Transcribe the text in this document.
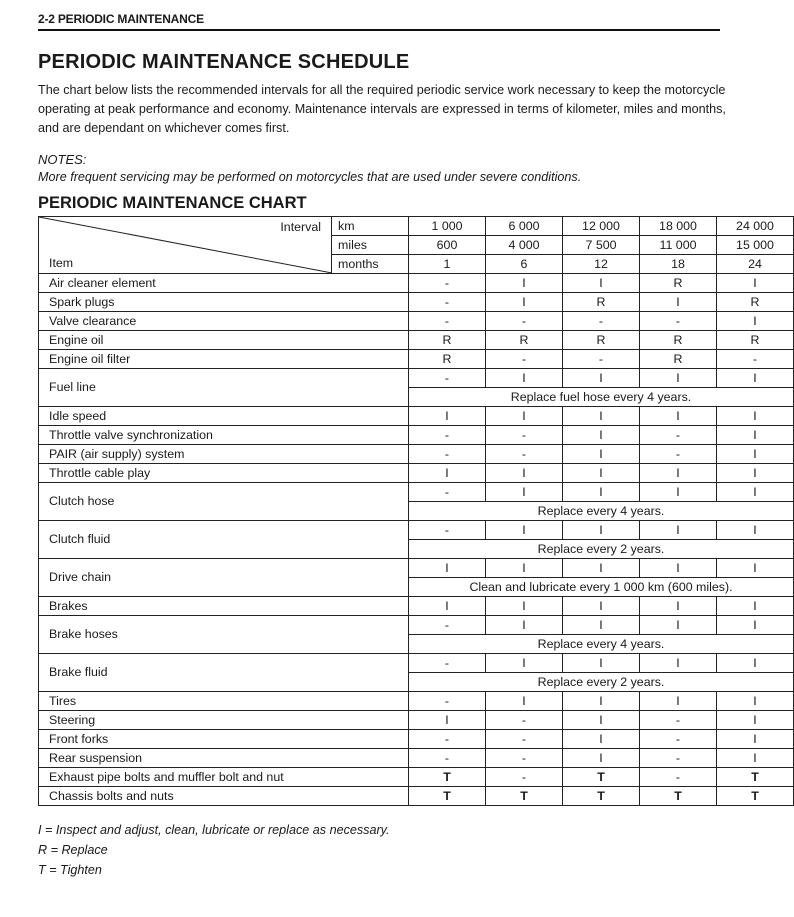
2-2 PERIODIC MAINTENANCE
PERIODIC MAINTENANCE SCHEDULE
The chart below lists the recommended intervals for all the required periodic service work necessary to keep the motorcycle operating at peak performance and economy. Maintenance intervals are expressed in terms of kilometer, miles and months, and are dependant on whichever comes first.
NOTES:
More frequent servicing may be performed on motorcycles that are used under severe conditions.
PERIODIC MAINTENANCE CHART
Interval
Item	km	1 000	6 000	12 000	18 000	24 000
	miles	600	4 000	7 500	11 000	15 000
	months	1	6	12	18	24
Air cleaner element		-	I	I	R	I
Spark plugs		-	I	R	I	R
Valve clearance		-	-	-	-	I
Engine oil		R	R	R	R	R
Engine oil filter		R	-	-	R	-
Fuel line		-	I	I	I	I
		Replace fuel hose every 4 years.				
Idle speed		I	I	I	I	I
Throttle valve synchronization		-	-	I	-	I
PAIR (air supply) system		-	-	I	-	I
Throttle cable play		I	I	I	I	I
Clutch hose		-	I	I	I	I
		Replace every 4 years.				
Clutch fluid		-	I	I	I	I
		Replace every 2 years.				
Drive chain		I	I	I	I	I
		Clean and lubricate every 1 000 km (600 miles).				
Brakes		I	I	I	I	I
Brake hoses		-	I	I	I	I
		Replace every 4 years.				
Brake fluid		-	I	I	I	I
		Replace every 2 years.				
Tires		-	I	I	I	I
Steering		I	-	I	-	I
Front forks		-	-	I	-	I
Rear suspension		-	-	I	-	I
Exhaust pipe bolts and muffler bolt and nut		T	-	T	-	T
Chassis bolts and nuts		T	T	T	T	T
I = Inspect and adjust, clean, lubricate or replace as necessary.
R = Replace
T = Tighten
